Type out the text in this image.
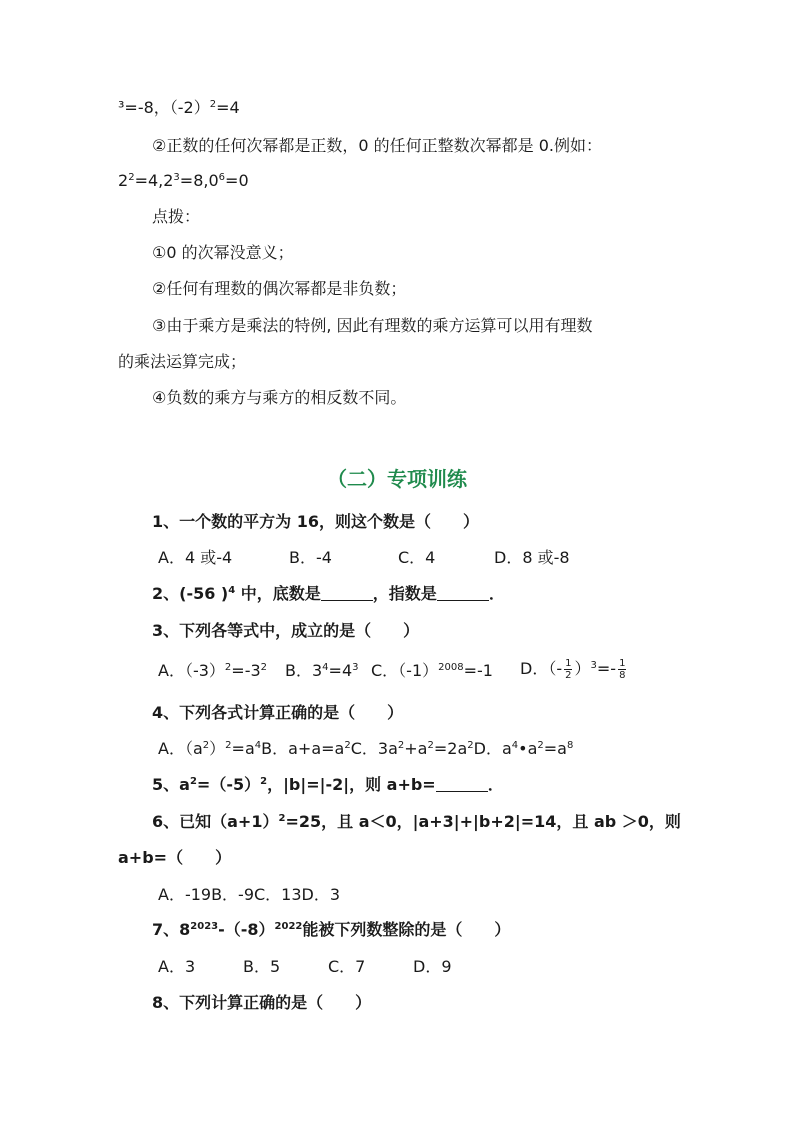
³=-8，$(-2)^2=4$
②正数的任何次幂都是正数，0 的任何正整数次幂都是 0.例如：
$2^2=4,2^3=8,0^6=0$
点拨：
①0 的次幂没意义；
②任何有理数的偶次幂都是非负数；
③由于乘方是乘法的特例, 因此有理数的乘方运算可以用有理数
的乘法运算完成；
④负数的乘方与乘方的相反数不同。
（二）专项训练
1、一个数的平方为 16，则这个数是（　　）
A．4 或-4	B．-4	C．4	D．8 或-8
2、(-56 )$^4$ 中，底数是	，指数是	．
3、下列各等式中，成立的是（　　）
A．$(-3)^2=-3^2$ B．$3^4=4^3$ C．$(-1)^{2008}=-1$ D．（- $\frac{1}{2} )^3=- \frac{1}{8}$
4、下列各式计算正确的是（　　）
A．$(a^2)^2=a^4B$．$a+a=a^2C$．$3a^2+a^2=2a^2D$．$a^4•a^2=a^8$
5、$a^2=(-5)^2$，|b|=|-2|，则 a+b=	．
6、已知$(a+1)^2=25$，且 a＜0，|a+3|+|b+2|=14，且 ab ＞0，则
a+b=（　　）
A．-19B．-9C．13D．3
7、$8^{2023}-(-8)^{2022}$能被下列数整除的是（　　）
A．3	B．5	C．7	D．9
8、下列计算正确的是（　　）
